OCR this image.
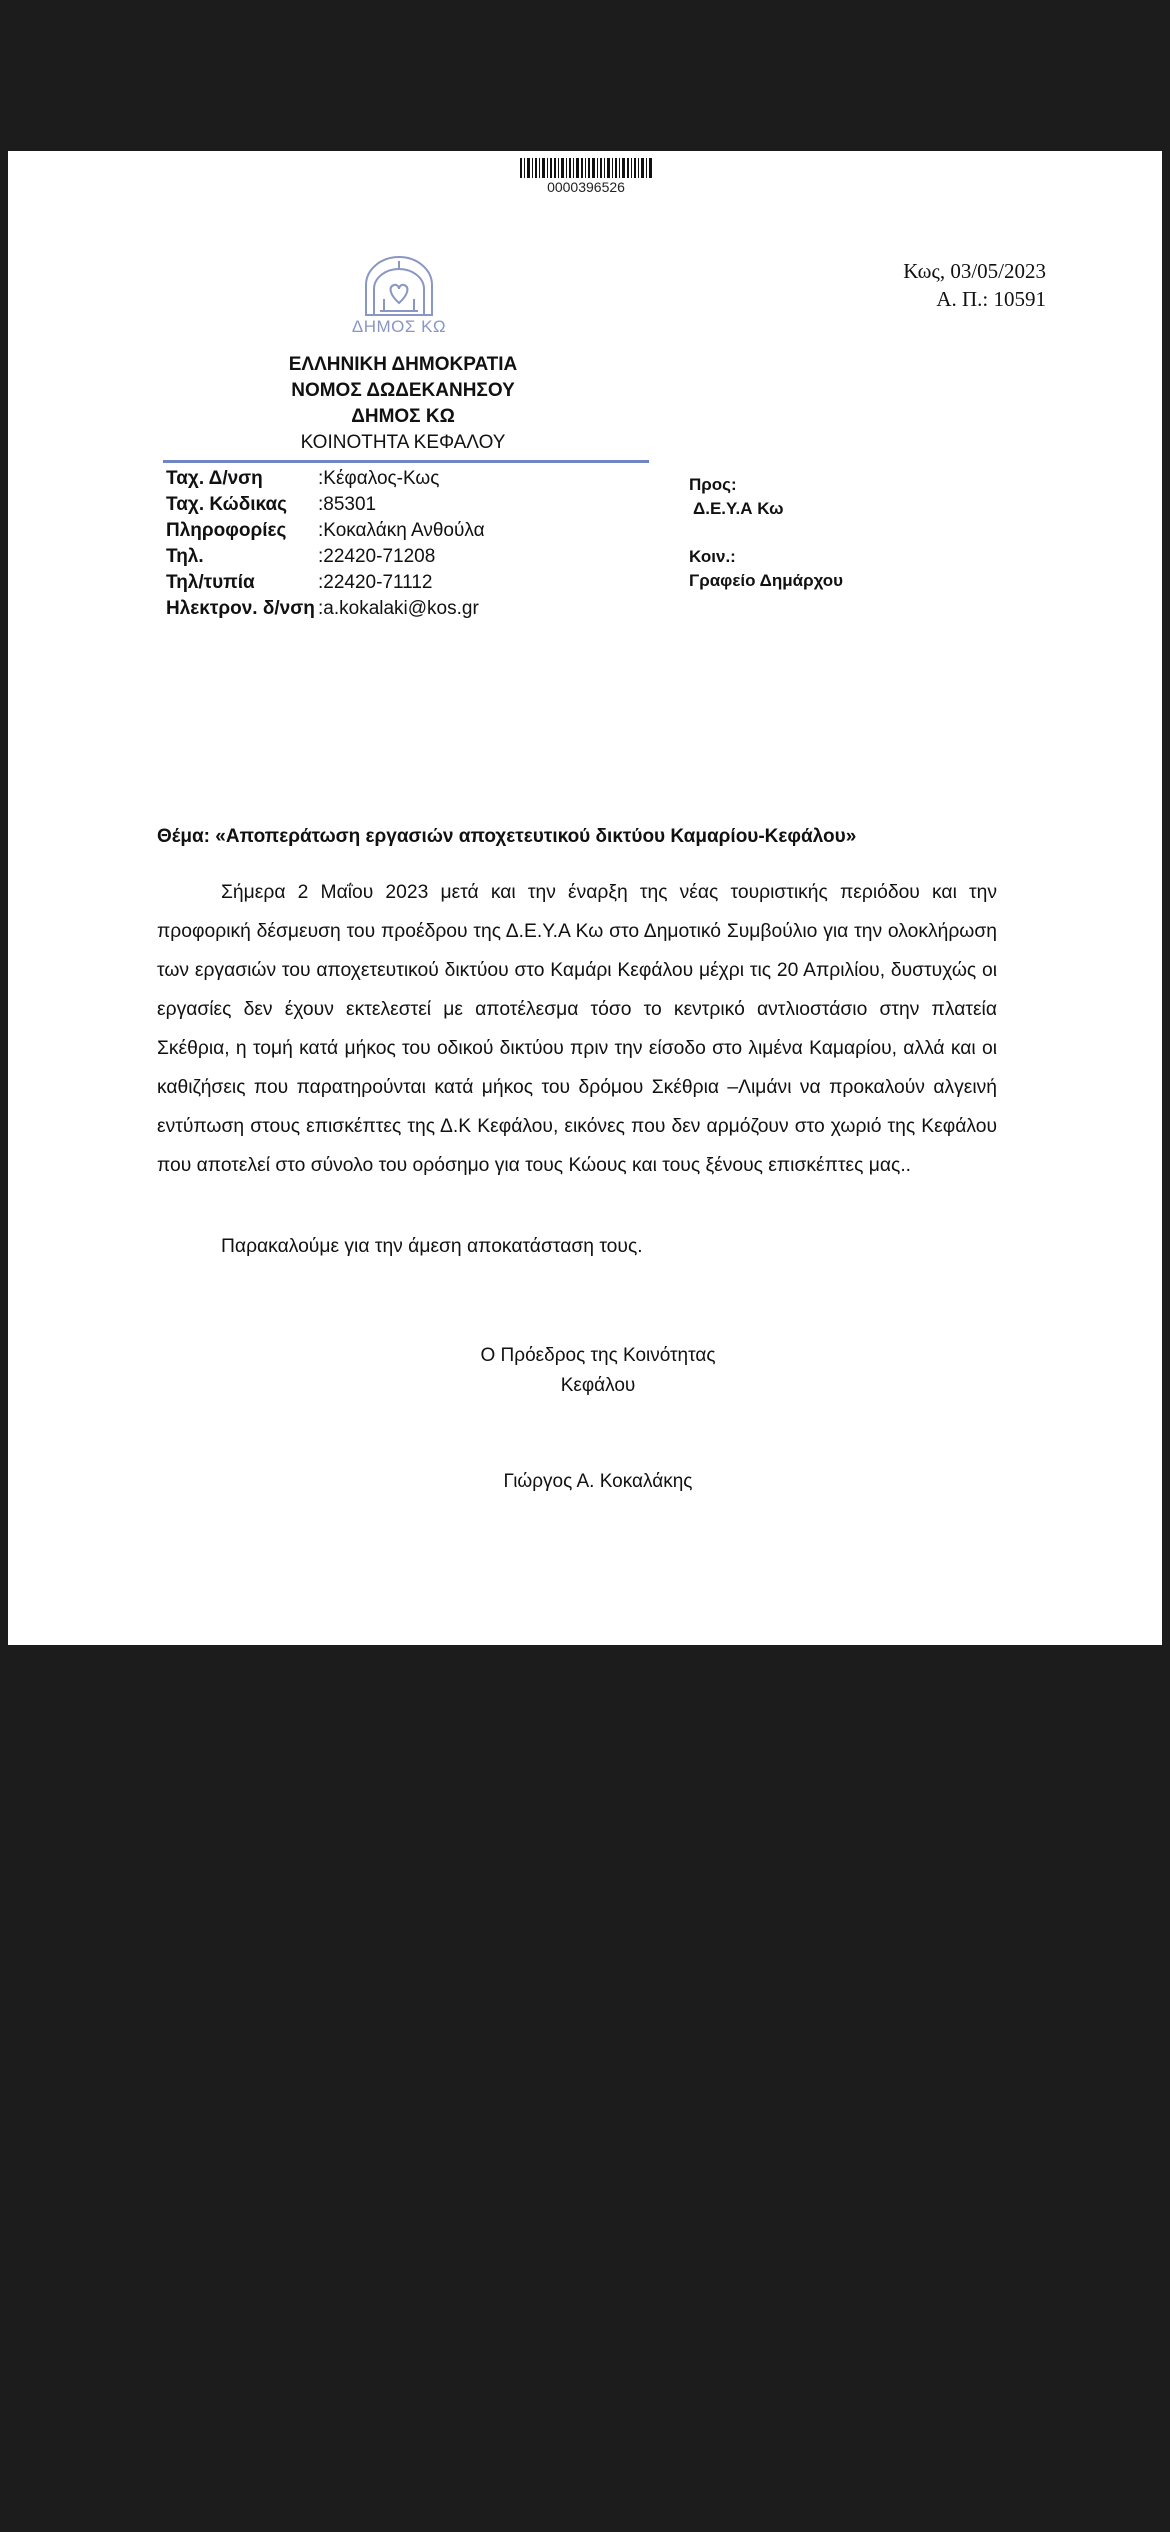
0000396526
ΔΗΜΟΣ ΚΩ
ΕΛΛΗΝΙΚΗ ΔΗΜΟΚΡΑΤΙΑ
ΝΟΜΟΣ ΔΩΔΕΚΑΝΗΣΟΥ
ΔΗΜΟΣ ΚΩ
ΚΟΙΝΟΤΗΤΑ ΚΕΦΑΛΟΥ
Ταχ. Δ/νση	:Κέφαλος-Κως
Ταχ. Κώδικας	:85301
Πληροφορίες	:Κοκαλάκη Ανθούλα
Τηλ.	:22420-71208
Τηλ/τυπία	:22420-71112
Ηλεκτρον. δ/νση :a.kokalaki@kos.gr
Κως, 03/05/2023
Α. Π.: 10591
Προς:
Δ.Ε.Υ.Α Κω
Κοιν.:
Γραφείο Δημάρχου
Θέμα: «Αποπεράτωση εργασιών αποχετευτικού δικτύου Καμαρίου-Κεφάλου»

Σήμερα 2 Μαΐου 2023 μετά και την έναρξη της νέας τουριστικής περιόδου και την προφορική δέσμευση του προέδρου της Δ.Ε.Υ.Α Κω στο Δημοτικό Συμβούλιο για την ολοκλήρωση των εργασιών του αποχετευτικού δικτύου στο Καμάρι Κεφάλου μέχρι τις 20 Απριλίου, δυστυχώς οι εργασίες δεν έχουν εκτελεστεί με αποτέλεσμα τόσο το κεντρικό αντλιοστάσιο στην πλατεία Σκέθρια, η τομή κατά μήκος του οδικού δικτύου πριν την είσοδο στο λιμένα Καμαρίου, αλλά και οι καθιζήσεις που παρατηρούνται κατά μήκος του δρόμου Σκέθρια –Λιμάνι να προκαλούν αλγεινή εντύπωση στους επισκέπτες της Δ.Κ Κεφάλου, εικόνες που δεν αρμόζουν στο χωριό της Κεφάλου που αποτελεί στο σύνολο του ορόσημο για τους Κώους και τους ξένους επισκέπτες μας..

Παρακαλούμε για την άμεση αποκατάσταση τους.

Ο Πρόεδρος της Κοινότητας
Κεφάλου
Γιώργος Α. Κοκαλάκης
